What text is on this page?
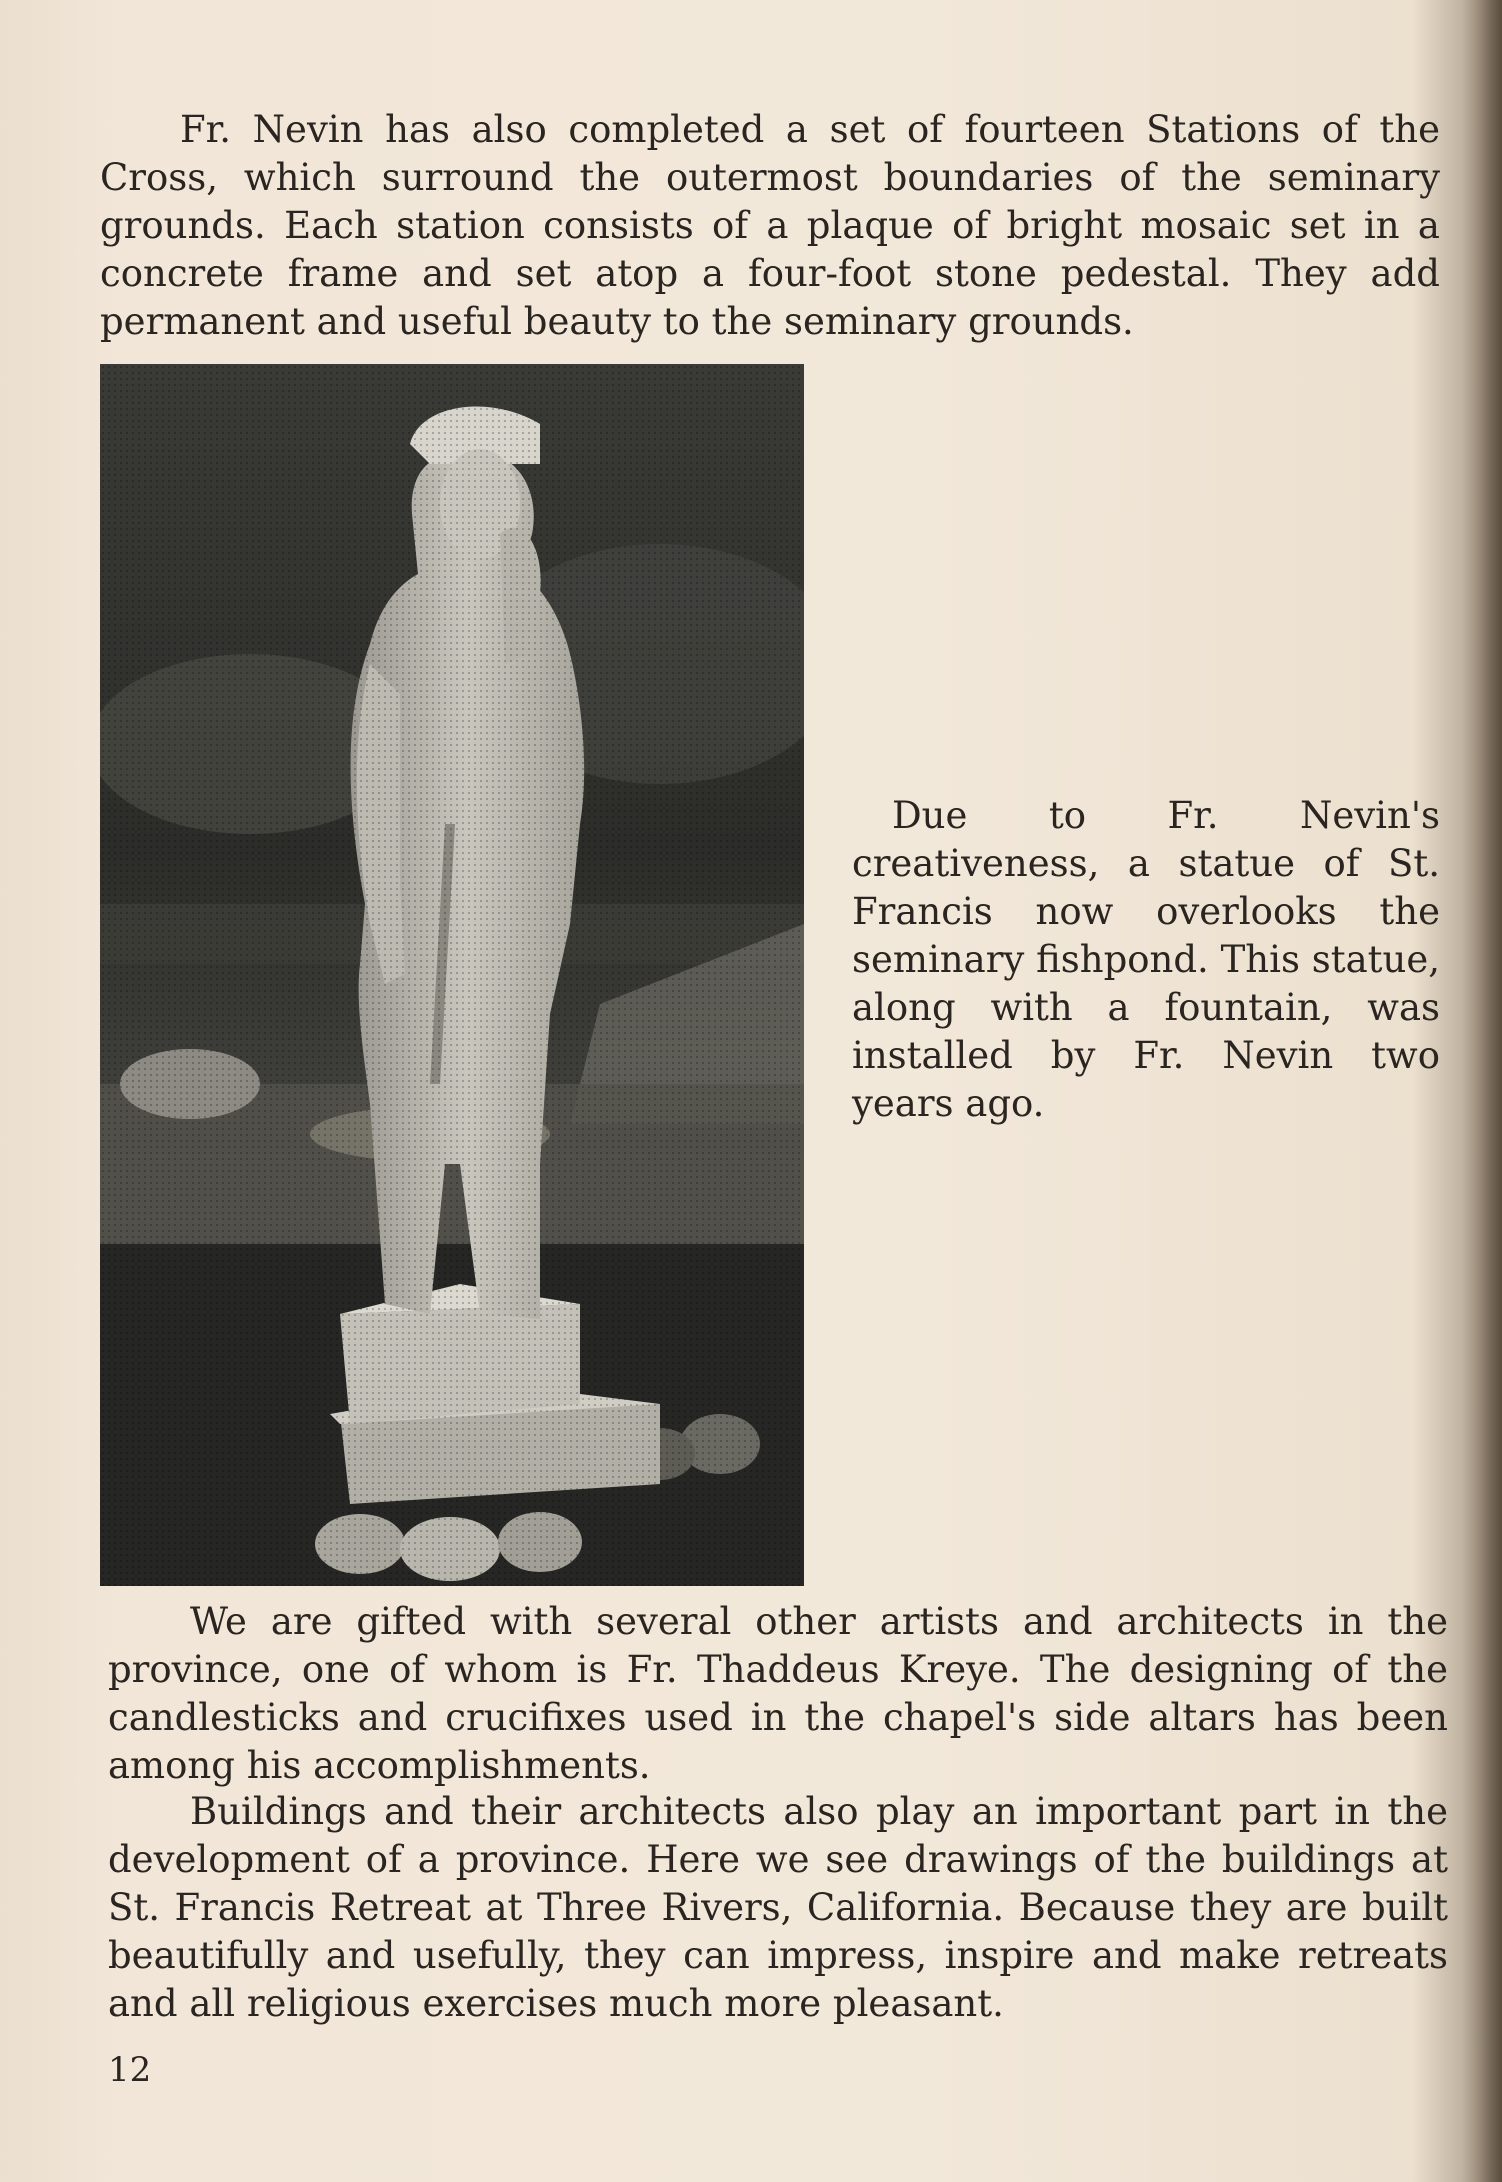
Fr. Nevin has also completed a set of fourteen Stations of the Cross, which surround the outermost boundaries of the seminary grounds. Each station consists of a plaque of bright mosaic set in a concrete frame and set atop a four-foot stone pedestal. They add permanent and useful beauty to the seminary grounds.

Due to Fr. Nevin's creativeness, a statue of St. Francis now overlooks the seminary fishpond. This statue, along with a fountain, was installed by Fr. Nevin two years ago.

We are gifted with several other artists and architects in the province, one of whom is Fr. Thaddeus Kreye. The designing of the candlesticks and crucifixes used in the chapel's side altars has been among his accomplishments.

Buildings and their architects also play an important part in the development of a province. Here we see drawings of the buildings at St. Francis Retreat at Three Rivers, California. Because they are built beautifully and usefully, they can impress, inspire and make retreats and all religious exercises much more pleasant.

12
